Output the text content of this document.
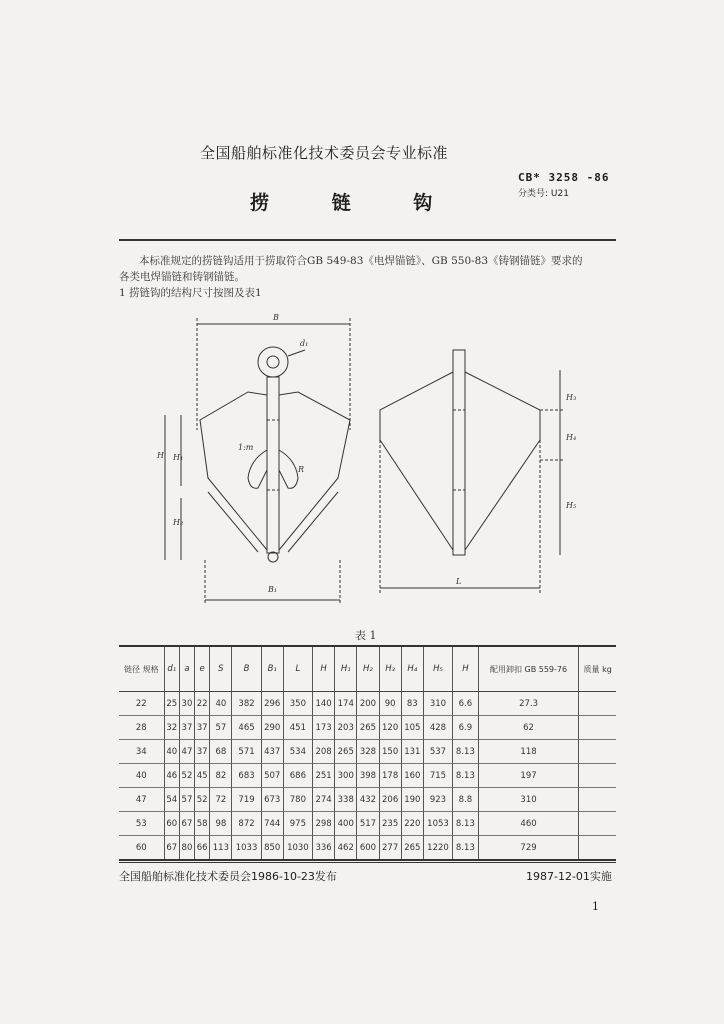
全国船舶标准化技术委员会专业标准
CB* 3258 -86
分类号: U21
捞 链 钩

本标准规定的捞链钩适用于捞取符合GB 549-83《电焊锚链》、GB 550-83《铸钢锚链》要求的

各类电焊锚链和铸钢锚链。

1 捞链钩的结构尺寸按图及表1

B
d₁
1:m
H H₁
H₂
R
B₁
H₃
H₄
H₅
L
表 1
链径 规格	d₁	a	e	S	B	B₁	L	H	H₁	H₂	H₃	H₄	H₅	H	配用卸扣 GB 559-76	质量 kg
22	25	30	22	40	382	296	350	140	174	200	90	83	310	6.6	27.3	
28	32	37	37	57	465	290	451	173	203	265	120	105	428	6.9	62	
34	40	47	37	68	571	437	534	208	265	328	150	131	537	8.13	118	
40	46	52	45	82	683	507	686	251	300	398	178	160	715	8.13	197	
47	54	57	52	72	719	673	780	274	338	432	206	190	923	8.8	310	
53	60	67	58	98	872	744	975	298	400	517	235	220	1053	8.13	460	
60	67	80	66	113	1033	850	1030	336	462	600	277	265	1220	8.13	729	
全国船舶标准化技术委员会1986-10-23发布	1987-12-01实施
1
